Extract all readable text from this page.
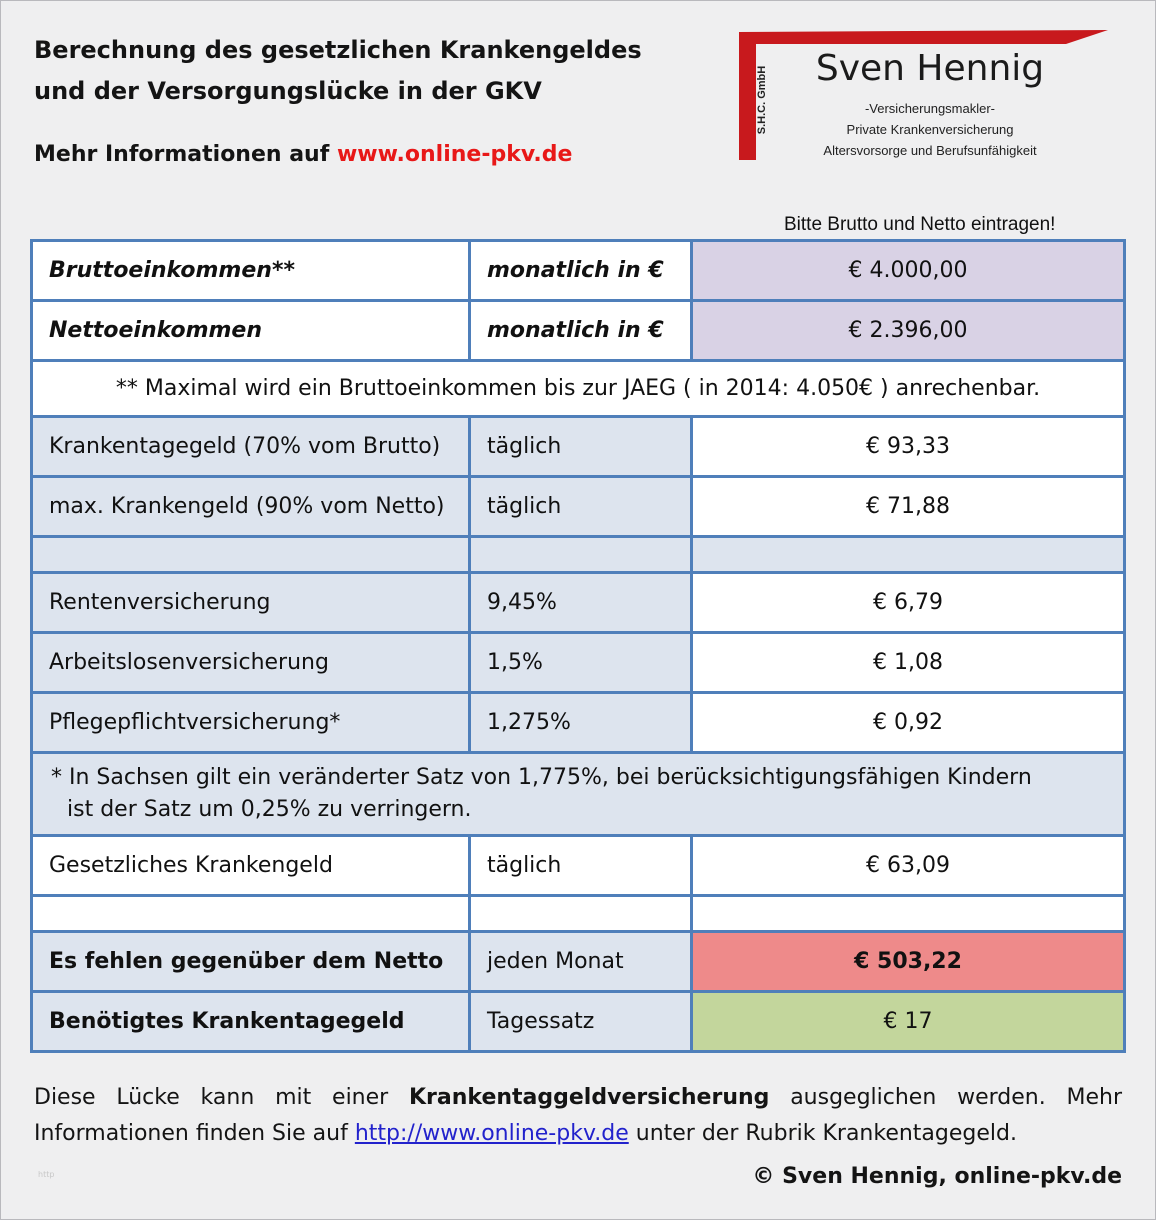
Berechnung des gesetzlichen Krankengeldes
und der Versorgungslücke in der GKV
Mehr Informationen auf www.online-pkv.de
S.H.C. GmbH	Sven Hennig
-Versicherungsmakler-
Private Krankenversicherung
Altersvorsorge und Berufsunfähigkeit
Bitte Brutto und Netto eintragen!
Bruttoeinkommen**	monatlich in €	€ 4.000,00
Nettoeinkommen	monatlich in €	€ 2.396,00
** Maximal wird ein Bruttoeinkommen bis zur JAEG ( in 2014: 4.050€ ) anrechenbar.		
Krankentagegeld (70% vom Brutto)	täglich	€ 93,33
max. Krankengeld (90% vom Netto)	täglich	€ 71,88

Rentenversicherung	9,45%	€ 6,79
Arbeitslosenversicherung	1,5%	€ 1,08
Pflegepflichtversicherung*	1,275%	€ 0,92

* In Sachsen gilt ein veränderter Satz von 1,775%, bei berücksichtigungsfähigen Kindern
ist der Satz um 0,25% zu verringern.		

Gesetzliches Krankengeld	täglich	€ 63,09

Es fehlen gegenüber dem Netto	jeden Monat	€ 503,22
Benötigtes Krankentagegeld	Tagessatz	€ 17
Diese Lücke kann mit einer Krankentaggeldversicherung ausgeglichen werden. Mehr Informationen finden Sie auf http://www.online-pkv.de unter der Rubrik Krankentagegeld.
http	© Sven Hennig, online-pkv.de
